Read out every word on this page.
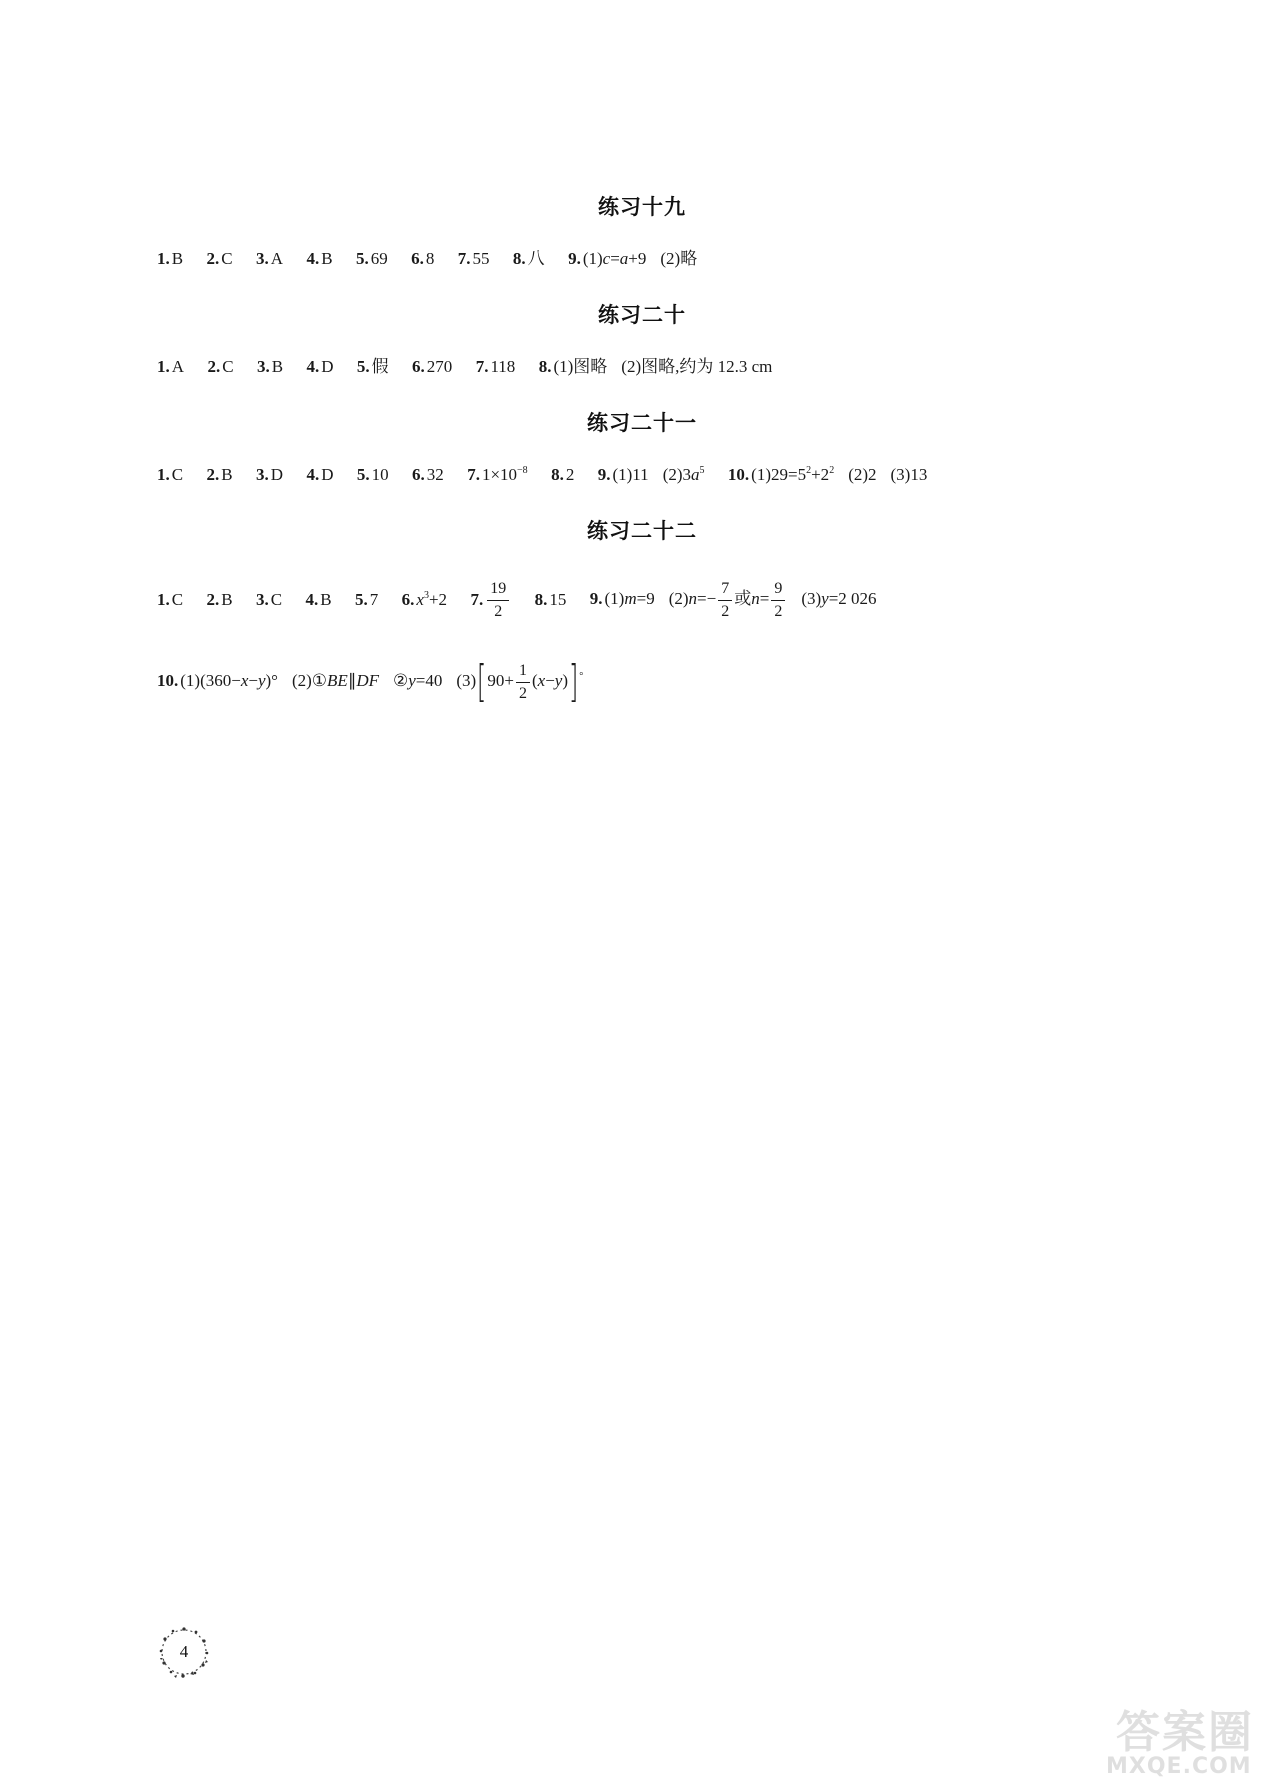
练习十九
1. B 2. C 3. A 4. B 5. 69 6. 8 7. 55 8. 八 9. (1)c=a+9 (2)略
练习二十
1. A 2. C 3. B 4. D 5. 假 6. 270 7. 118 8. (1)图略 (2)图略,约为 12.3 cm
练习二十一
1. C 2. B 3. D 4. D 5. 10 6. 32 7. $1\times 10^{-8}$ 8. 2 9. (1)11 $(2)3a^5$ 10. $(1)29=5^2+2^2$ (2)2 (3)13
练习二十二
1. C 2. B 3. C 4. B 5. 7 6. $x^3+2$ 7. $\frac{19}{2} 8$. 15 9. (1)m=9 $(2)n=- \frac{7}{2}$ 或$n= \frac{9}{2} (3)y=2$ 026
10. (1)(360−x−y)° (2)①BE∥DF ②y=40 $(3)[90+ \frac{1}{2} (x-y)]^\circ$
4
答案圈
MXQE.COM
